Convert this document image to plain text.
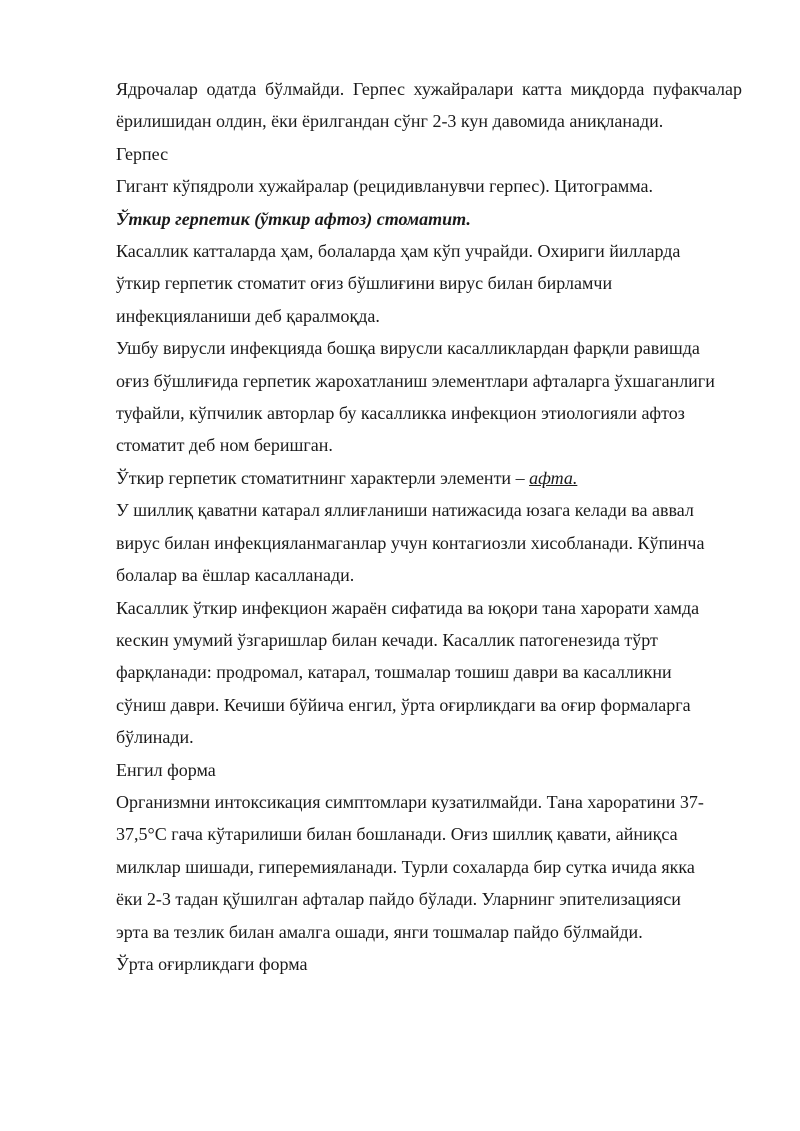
Ядрочалар одатда бўлмайди. Герпес хужайралари катта миқдорда пуфакчалар ёрилишидан олдин, ёки ёрилгандан сўнг 2-3 кун давомида аниқланади.

Герпес

Гигант кўпядроли хужайралар (рецидивланувчи герпес). Цитограмма.

Ўткир герпетик (ўткир афтоз) стоматит.

Касаллик катталарда ҳам, болаларда ҳам кўп учрайди. Охириги йилларда
ўткир герпетик стоматит оғиз бўшлиғини вирус билан бирламчи
инфекцияланиши деб қаралмоқда.
Ушбу вирусли инфекцияда бошқа вирусли касалликлардан фарқли равишда
оғиз бўшлиғида герпетик жарохатланиш элементлари афталарга ўхшаганлиги
туфайли, кўпчилик авторлар бу касалликка инфекцион этиологияли афтоз
стоматит деб ном беришган.

Ўткир герпетик стоматитнинг характерли элементи – афта.

У шиллиқ қаватни катарал яллиғланиши натижасида юзага келади ва аввал
вирус билан инфекцияланмаганлар учун контагиозли хисобланади. Кўпинча
болалар ва ёшлар касалланади.
Касаллик ўткир инфекцион жараён сифатида ва юқори тана харорати хамда
кескин умумий ўзгаришлар билан кечади. Касаллик патогенезида тўрт
фарқланади: продромал, катарал, тошмалар тошиш даври ва касалликни
сўниш даври. Кечиши бўйича енгил, ўрта оғирликдаги ва оғир формаларга
бўлинади.

Енгил форма

Организмни интоксикация симптомлари кузатилмайди. Тана хароратини 37-
37,5°С гача кўтарилиши билан бошланади. Оғиз шиллиқ қавати, айниқса
милклар шишади, гиперемияланади. Турли сохаларда бир сутка ичида якка
ёки 2-3 тадан қўшилган афталар пайдо бўлади. Уларнинг эпителизацияси
эрта ва тезлик билан амалга ошади, янги тошмалар пайдо бўлмайди.

Ўрта оғирликдаги форма
